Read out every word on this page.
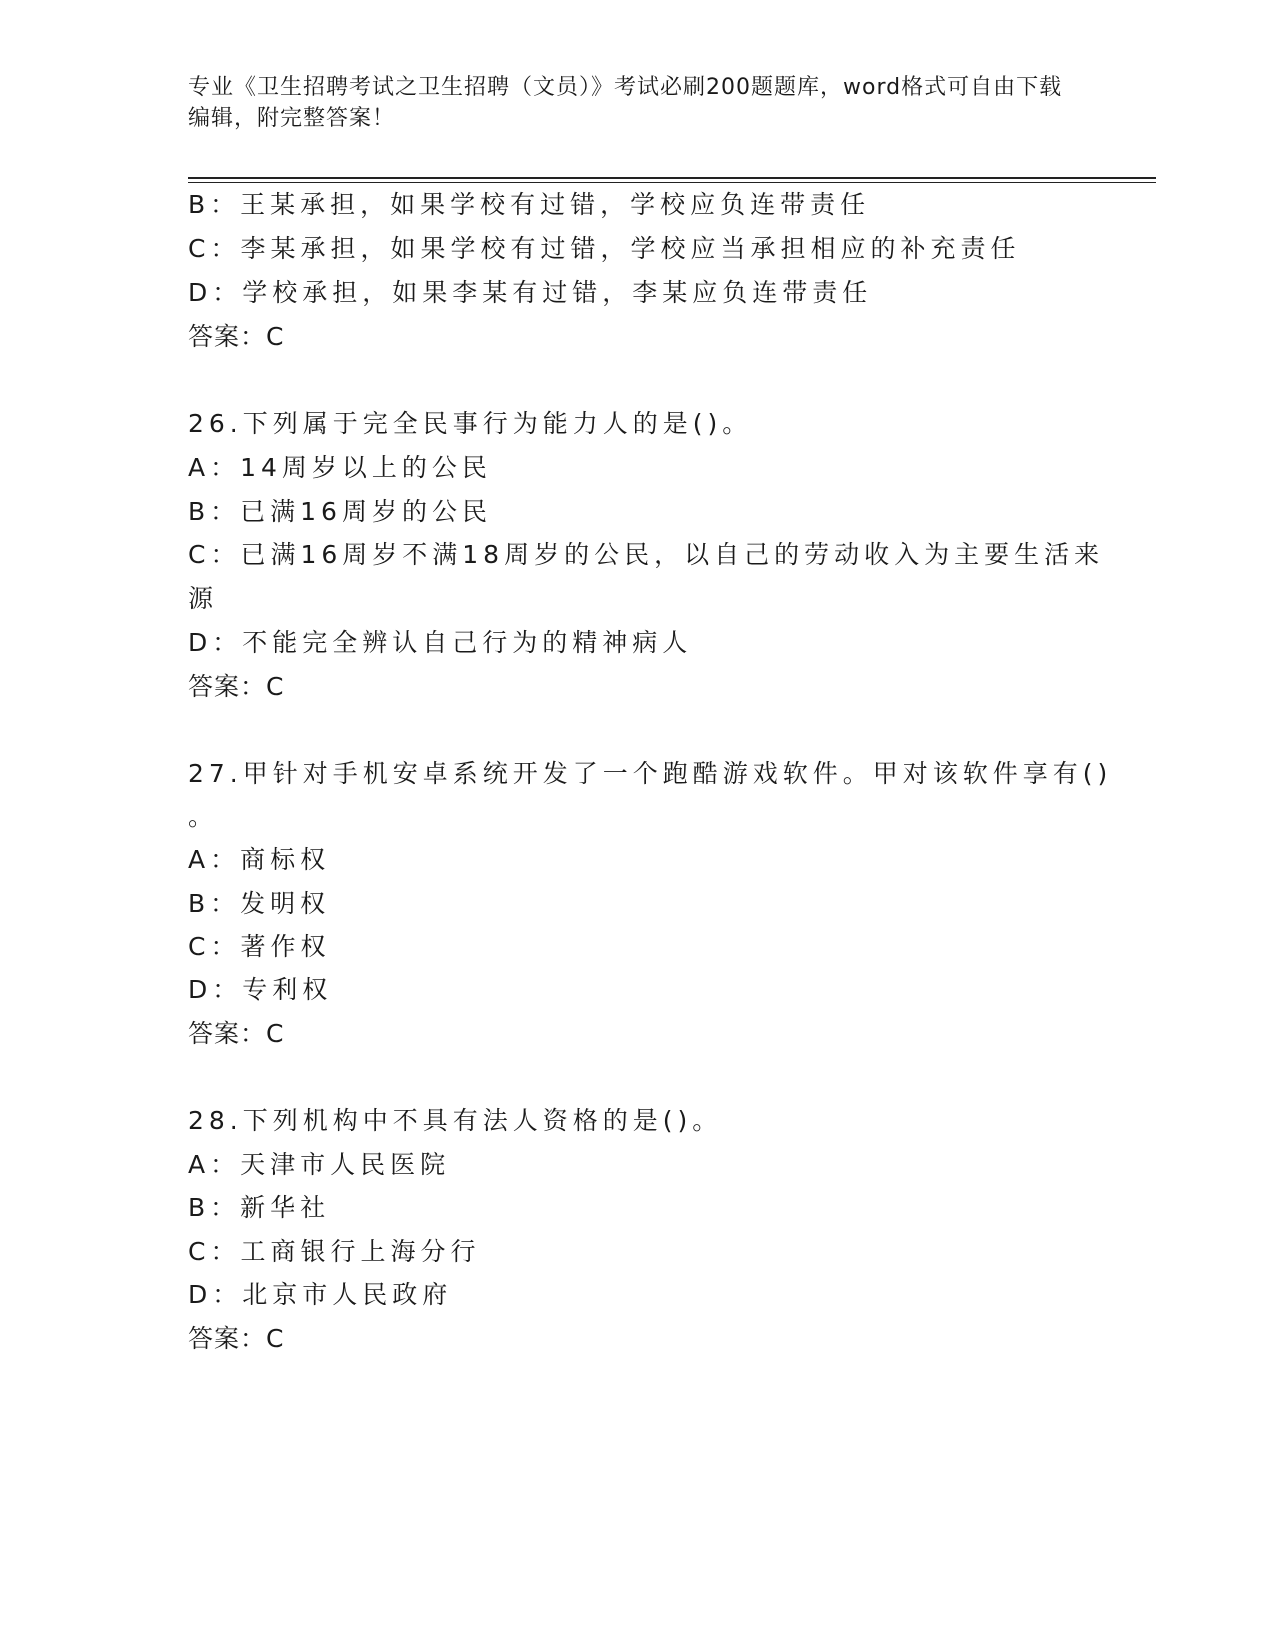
专业《卫生招聘考试之卫生招聘（文员）》考试必刷200题题库，word格式可自由下载编辑，附完整答案！
B：王某承担，如果学校有过错，学校应负连带责任
C：李某承担，如果学校有过错，学校应当承担相应的补充责任
D：学校承担，如果李某有过错，李某应负连带责任
答案：C
26.下列属于完全民事行为能力人的是()。
A：14周岁以上的公民
B：已满16周岁的公民
C：已满16周岁不满18周岁的公民，以自己的劳动收入为主要生活来
源
D：不能完全辨认自己行为的精神病人
答案：C
27.甲针对手机安卓系统开发了一个跑酷游戏软件。甲对该软件享有()
。
A：商标权
B：发明权
C：著作权
D：专利权
答案：C
28.下列机构中不具有法人资格的是()。
A：天津市人民医院
B：新华社
C：工商银行上海分行
D：北京市人民政府
答案：C
